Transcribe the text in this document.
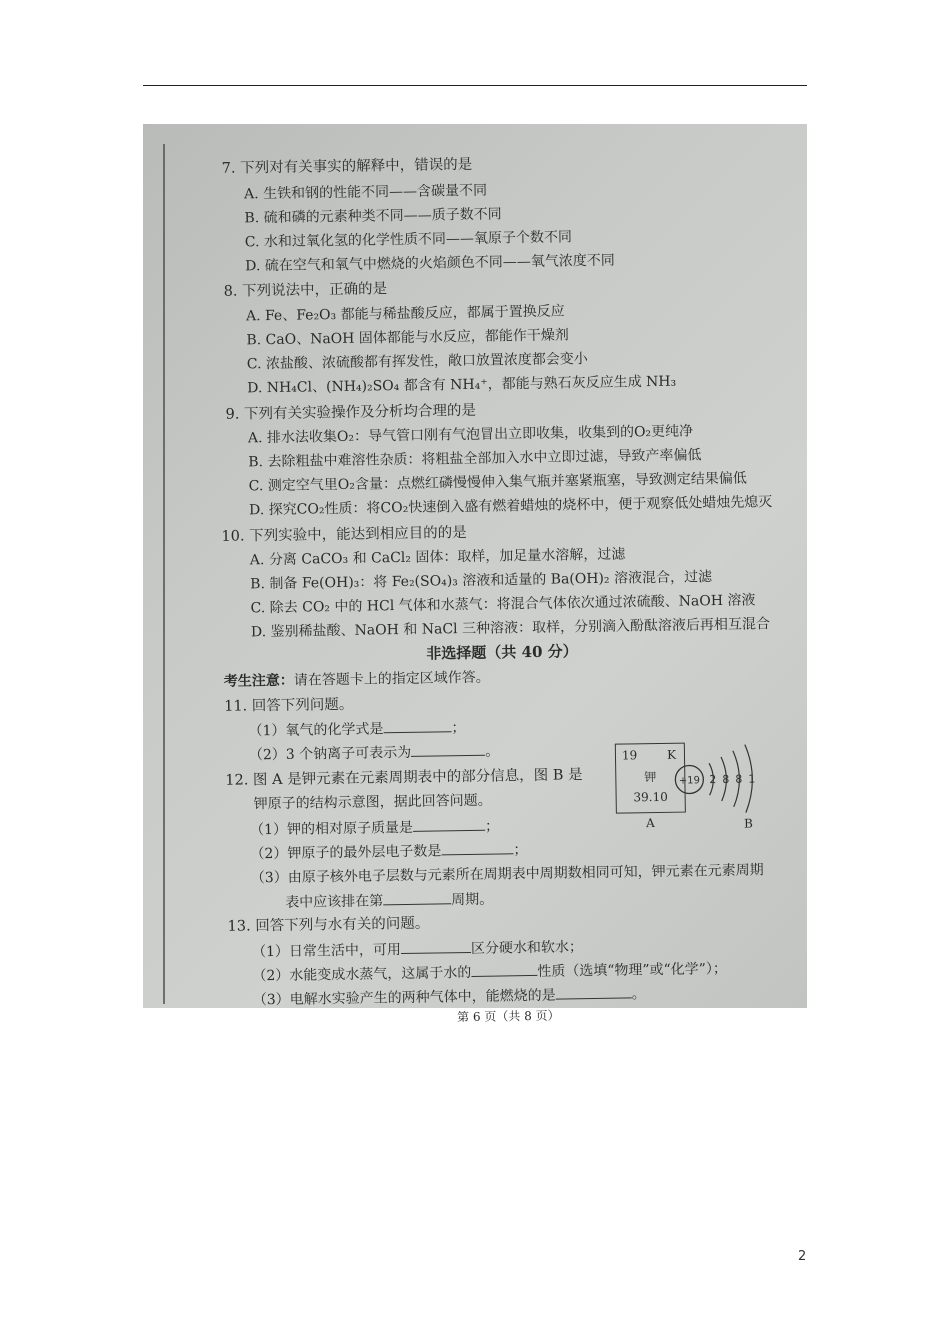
7. 下列对有关事实的解释中，错误的是
A. 生铁和钢的性能不同——含碳量不同
B. 硫和磷的元素种类不同——质子数不同
C. 水和过氧化氢的化学性质不同——氧原子个数不同
D. 硫在空气和氧气中燃烧的火焰颜色不同——氧气浓度不同
8. 下列说法中，正确的是
A. Fe、Fe₂O₃ 都能与稀盐酸反应，都属于置换反应
B. CaO、NaOH 固体都能与水反应，都能作干燥剂
C. 浓盐酸、浓硫酸都有挥发性，敞口放置浓度都会变小
D. NH₄Cl、(NH₄)₂SO₄ 都含有 NH₄⁺，都能与熟石灰反应生成 NH₃
9. 下列有关实验操作及分析均合理的是
A. 排水法收集O₂：导气管口刚有气泡冒出立即收集，收集到的O₂更纯净
B. 去除粗盐中难溶性杂质：将粗盐全部加入水中立即过滤，导致产率偏低
C. 测定空气里O₂含量：点燃红磷慢慢伸入集气瓶并塞紧瓶塞，导致测定结果偏低
D. 探究CO₂性质：将CO₂快速倒入盛有燃着蜡烛的烧杯中，便于观察低处蜡烛先熄灭
10. 下列实验中，能达到相应目的的是
A. 分离 CaCO₃ 和 CaCl₂ 固体：取样，加足量水溶解，过滤
B. 制备 Fe(OH)₃：将 Fe₂(SO₄)₃ 溶液和适量的 Ba(OH)₂ 溶液混合，过滤
C. 除去 CO₂ 中的 HCl 气体和水蒸气：将混合气体依次通过浓硫酸、NaOH 溶液
D. 鉴别稀盐酸、NaOH 和 NaCl 三种溶液：取样，分别滴入酚酞溶液后再相互混合
非选择题（共 40 分）
考生注意：请在答题卡上的指定区域作答。
11. 回答下列问题。
（1）氧气的化学式是	；
（2）3 个钠离子可表示为	。
12. 图 A 是钾元素在元素周期表中的部分信息，图 B 是
钾原子的结构示意图，据此回答问题。
（1）钾的相对原子质量是	；
（2）钾原子的最外层电子数是	；
（3）由原子核外电子层数与元素所在周期表中周期数相同可知，钾元素在元素周期
表中应该排在第	周期。
19 K
钾
39.10
A
+19 2 8 8 1
B
13. 回答下列与水有关的问题。
（1）日常生活中，可用	区分硬水和软水；
（2）水能变成水蒸气，这属于水的	性质（选填“物理”或“化学”）；
（3）电解水实验产生的两种气体中，能燃烧的是	。
第 6 页（共 8 页）
2
